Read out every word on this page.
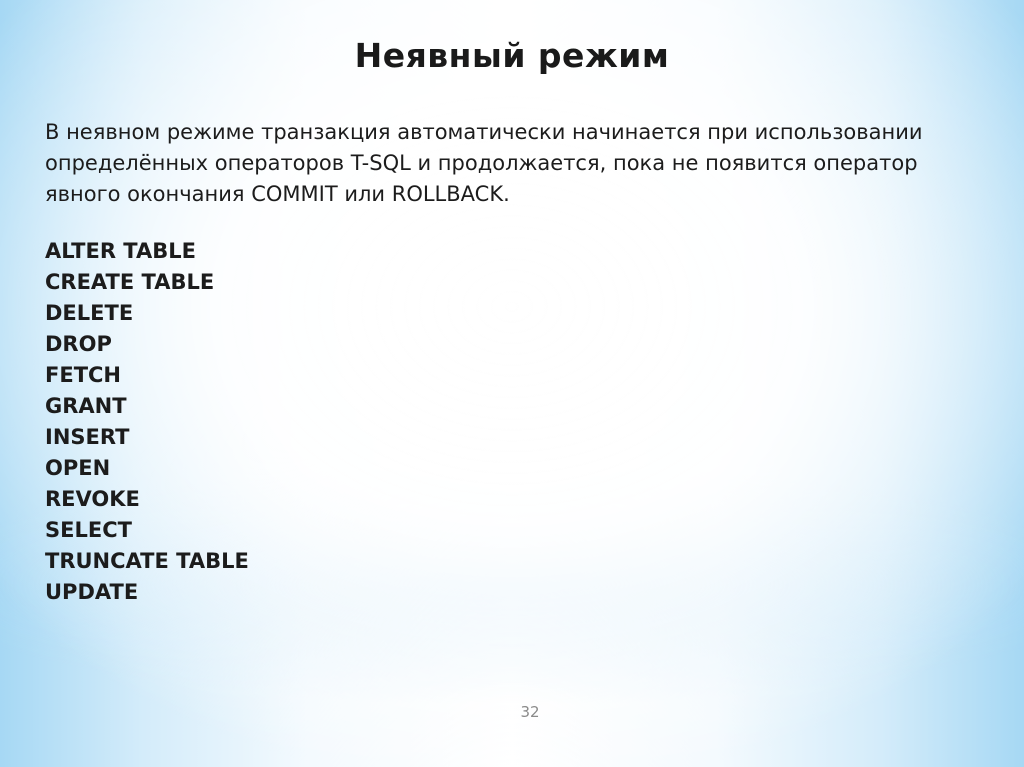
Неявный режим
В неявном режиме транзакция автоматически начинается при использовании определённых операторов T-SQL и продолжается, пока не появится оператор явного окончания COMMIT или ROLLBACK.
ALTER TABLE
CREATE TABLE
DELETE
DROP
FETCH
GRANT
INSERT
OPEN
REVOKE
SELECT
TRUNCATE TABLE
UPDATE
32
